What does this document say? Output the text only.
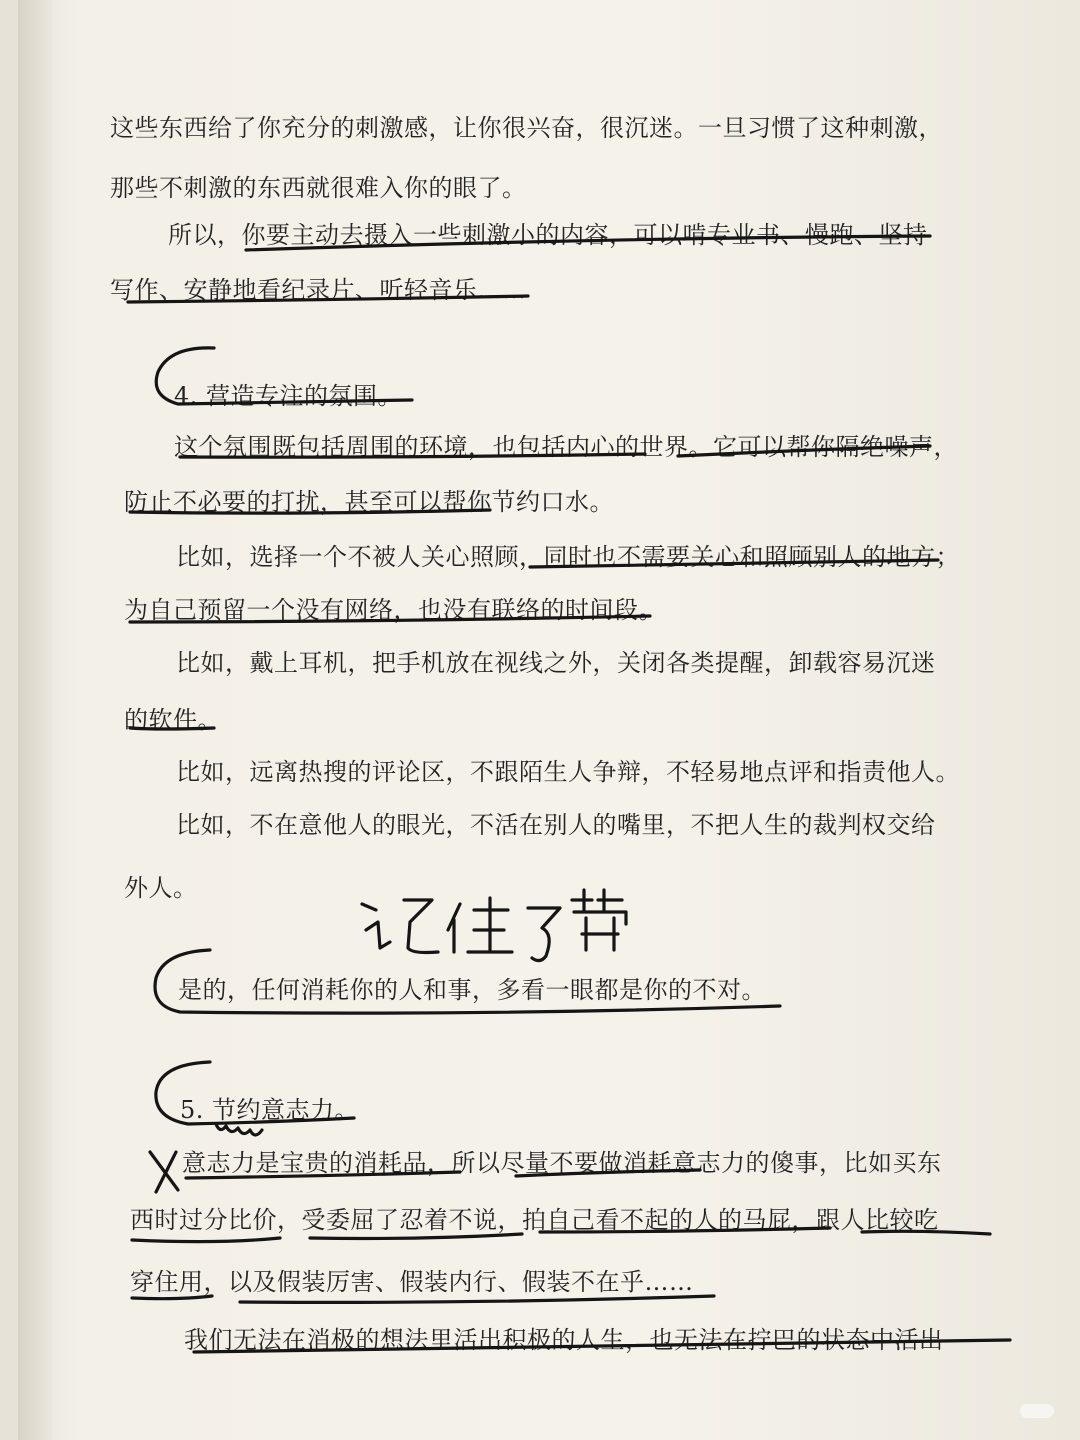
这些东西给了你充分的刺激感，让你很兴奋，很沉迷。一旦习惯了这种刺激，
那些不刺激的东西就很难入你的眼了。
所以，你要主动去摄入一些刺激小的内容，可以啃专业书、慢跑、坚持
写作、安静地看纪录片、听轻音乐……
4. 营造专注的氛围。
这个氛围既包括周围的环境，也包括内心的世界。它可以帮你隔绝噪声，
防止不必要的打扰，甚至可以帮你节约口水。
比如，选择一个不被人关心照顾，同时也不需要关心和照顾别人的地方；
为自己预留一个没有网络，也没有联络的时间段。
比如，戴上耳机，把手机放在视线之外，关闭各类提醒，卸载容易沉迷
的软件。
比如，远离热搜的评论区，不跟陌生人争辩，不轻易地点评和指责他人。
比如，不在意他人的眼光，不活在别人的嘴里，不把人生的裁判权交给
外人。
是的，任何消耗你的人和事，多看一眼都是你的不对。
5. 节约意志力。
意志力是宝贵的消耗品，所以尽量不要做消耗意志力的傻事，比如买东
西时过分比价，受委屈了忍着不说，拍自己看不起的人的马屁，跟人比较吃
穿住用，以及假装厉害、假装内行、假装不在乎……
我们无法在消极的想法里活出积极的人生，也无法在拧巴的状态中活出
